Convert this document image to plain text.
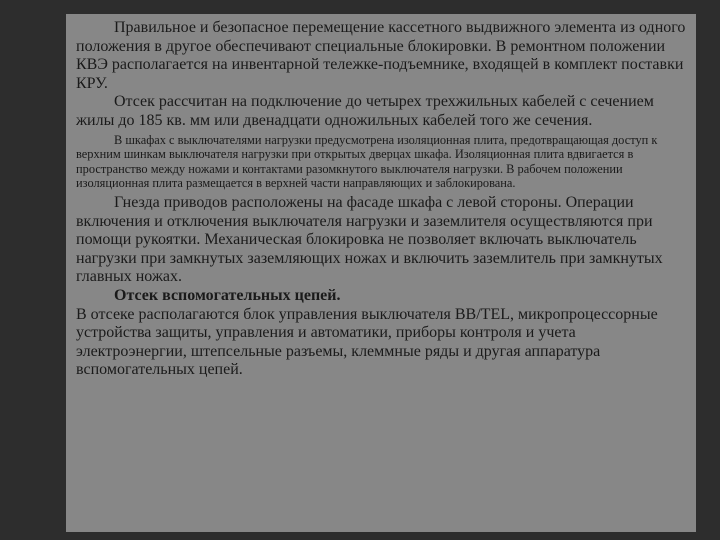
Правильное и безопасное перемещение кассетного выдвижного элемента из одного положения в другое обеспечивают специальные блокировки. В ремонтном положении КВЭ располагается на инвентарной тележке-подъемнике, входящей в комплект поставки КРУ.

Отсек рассчитан на подключение до четырех трехжильных кабелей с сечением жилы до 185 кв. мм или двенадцати одножильных кабелей того же сечения.

В шкафах с выключателями нагрузки предусмотрена изоляционная плита, предотвращающая доступ к верхним шинкам выключателя нагрузки при открытых дверцах шкафа. Изоляционная плита вдвигается в пространство между ножами и контактами разомкнутого выключателя нагрузки. В рабочем положении изоляционная плита размещается в верхней части направляющих и заблокирована.

Гнезда приводов расположены на фасаде шкафа с левой стороны. Операции включения и отключения выключателя нагрузки и заземлителя осуществляются при помощи рукоятки. Механическая блокировка не позволяет включать выключатель нагрузки при замкнутых заземляющих ножах и включить заземлитель при замкнутых главных ножах.

Отсек вспомогательных цепей.

В отсеке располагаются блок управления выключателя BB/TEL, микропроцессорные устройства защиты, управления и автоматики, приборы контроля и учета электроэнергии, штепсельные разъемы, клеммные ряды и другая аппаратура вспомогательных цепей.
